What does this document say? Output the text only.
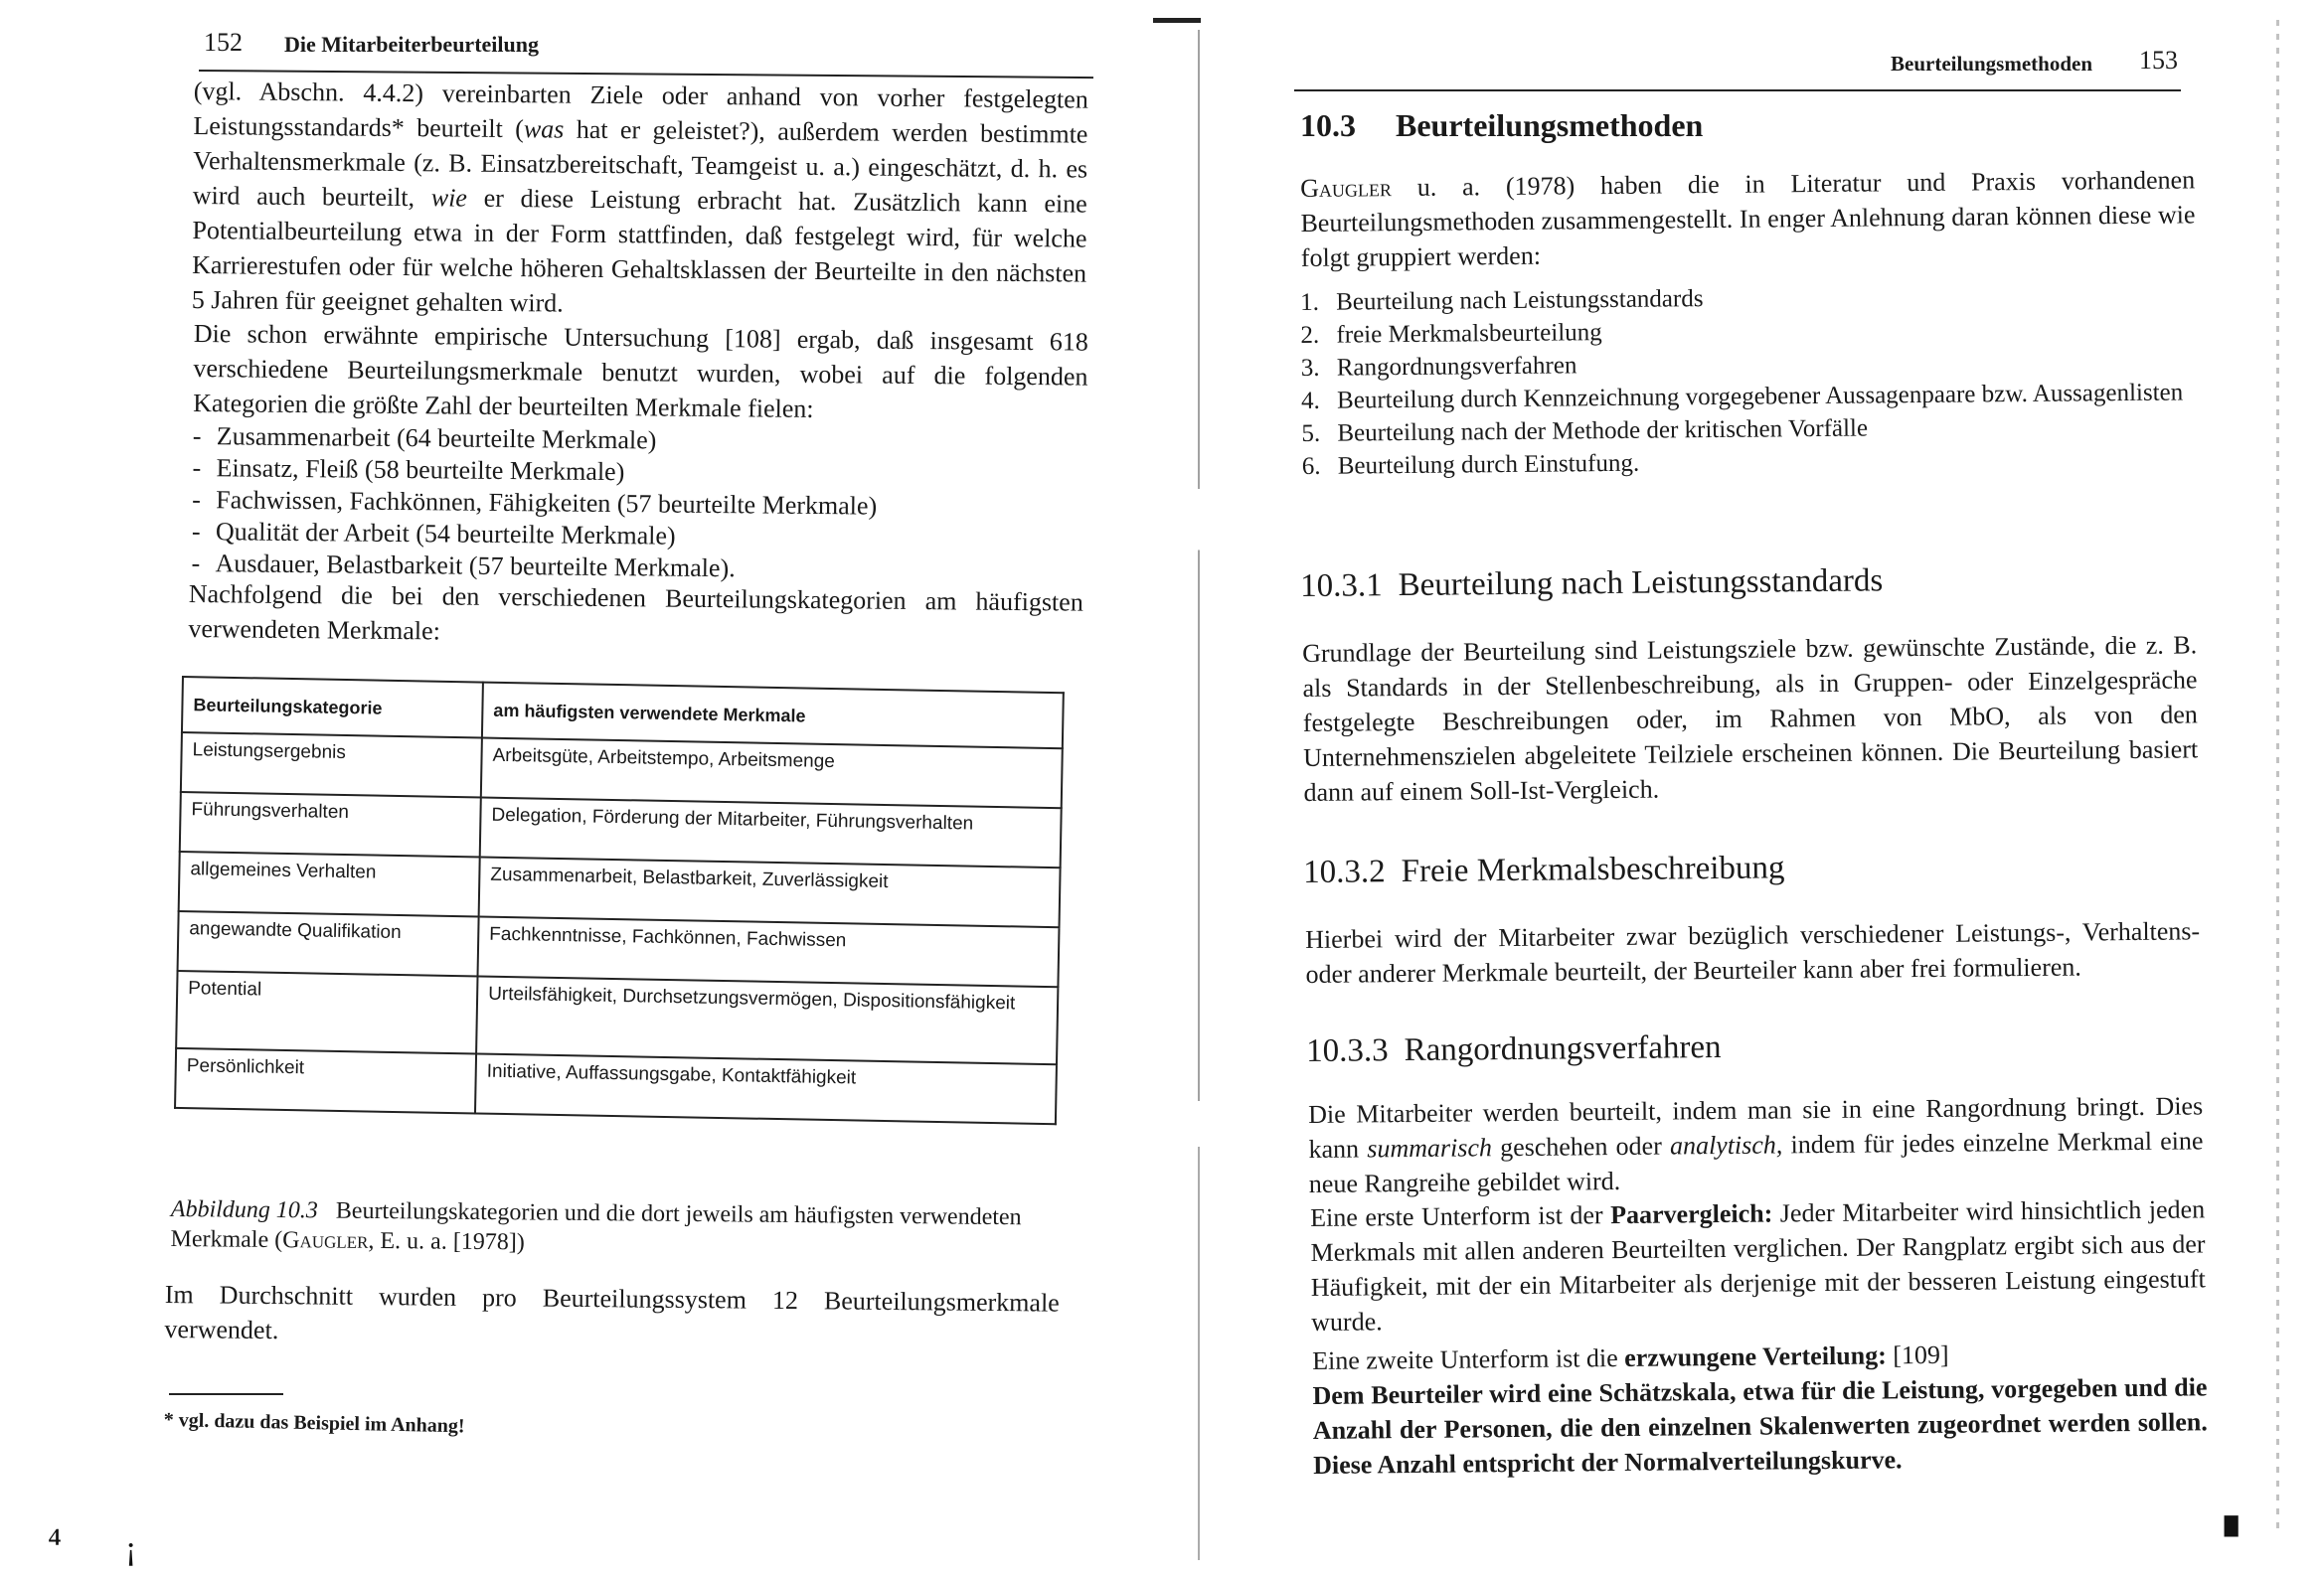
152 Die Mitarbeiterbeurteilung

(vgl. Abschn. 4.4.2) vereinbarten Ziele oder anhand von vorher festgelegten Leistungsstandards* beurteilt (was hat er geleistet?), außerdem werden bestimmte Verhaltensmerkmale (z. B. Einsatzbereitschaft, Teamgeist u. a.) eingeschätzt, d. h. es wird auch beurteilt, wie er diese Leistung erbracht hat. Zusätzlich kann eine Potentialbeurteilung etwa in der Form stattfinden, daß festgelegt wird, für welche Karrierestufen oder für welche höheren Gehaltsklassen der Beurteilte in den nächsten 5 Jahren für geeignet gehalten wird.

Die schon erwähnte empirische Untersuchung [108] ergab, daß insgesamt 618 verschiedene Beurteilungsmerkmale benutzt wurden, wobei auf die folgenden Kategorien die größte Zahl der beurteilten Merkmale fielen:

- Zusammenarbeit (64 beurteilte Merkmale)
- Einsatz, Fleiß (58 beurteilte Merkmale)
- Fachwissen, Fachkönnen, Fähigkeiten (57 beurteilte Merkmale)
- Qualität der Arbeit (54 beurteilte Merkmale)
- Ausdauer, Belastbarkeit (57 beurteilte Merkmale).

Nachfolgend die bei den verschiedenen Beurteilungskategorien am häufigsten verwendeten Merkmale:

Beurteilungskategorie	am häufigsten verwendete Merkmale
Leistungsergebnis	Arbeitsgüte, Arbeitstempo, Arbeitsmenge
Führungsverhalten	Delegation, Förderung der Mitarbeiter, Führungsverhalten
allgemeines Verhalten	Zusammenarbeit, Belastbarkeit, Zuverlässigkeit
angewandte Qualifikation	Fachkenntnisse, Fachkönnen, Fachwissen
Potential	Urteilsfähigkeit, Durchsetzungsvermögen, Dispositionsfähigkeit
Persönlichkeit	Initiative, Auffassungsgabe, Kontaktfähigkeit

Abbildung 10.3 Beurteilungskategorien und die dort jeweils am häufigsten verwendeten Merkmale (Gaugler, E. u. a. [1978])

Im Durchschnitt wurden pro Beurteilungssystem 12 Beurteilungsmerkmale verwendet.

* vgl. dazu das Beispiel im Anhang!
⁴ ¡
Beurteilungsmethoden 153
10.3 Beurteilungsmethoden

Gaugler u. a. (1978) haben die in Literatur und Praxis vorhandenen Beurteilungsmethoden zusammengestellt. In enger Anlehnung daran können diese wie folgt gruppiert werden:

1. Beurteilung nach Leistungsstandards
2. freie Merkmalsbeurteilung
3. Rangordnungsverfahren
4. Beurteilung durch Kennzeichnung vorgegebener Aussagenpaare bzw. Aussagenlisten
5. Beurteilung nach der Methode der kritischen Vorfälle
6. Beurteilung durch Einstufung.
10.3.1 Beurteilung nach Leistungsstandards

Grundlage der Beurteilung sind Leistungsziele bzw. gewünschte Zustände, die z. B. als Standards in der Stellenbeschreibung, als in Gruppen- oder Einzelgespräche festgelegte Beschreibungen oder, im Rahmen von MbO, als von den Unternehmenszielen abgeleitete Teilziele erscheinen können. Die Beurteilung basiert dann auf einem Soll-Ist-Vergleich.

10.3.2 Freie Merkmalsbeschreibung

Hierbei wird der Mitarbeiter zwar bezüglich verschiedener Leistungs-, Verhaltens- oder anderer Merkmale beurteilt, der Beurteiler kann aber frei formulieren.

10.3.3 Rangordnungsverfahren

Die Mitarbeiter werden beurteilt, indem man sie in eine Rangordnung bringt. Dies kann summarisch geschehen oder analytisch, indem für jedes einzelne Merkmal eine neue Rangreihe gebildet wird.

Eine erste Unterform ist der Paarvergleich: Jeder Mitarbeiter wird hinsichtlich jeden Merkmals mit allen anderen Beurteilten verglichen. Der Rangplatz ergibt sich aus der Häufigkeit, mit der ein Mitarbeiter als derjenige mit der besseren Leistung eingestuft wurde.

Eine zweite Unterform ist die erzwungene Verteilung: [109]

Dem Beurteiler wird eine Schätzskala, etwa für die Leistung, vorgegeben und die Anzahl der Personen, die den einzelnen Skalenwerten zugeordnet werden sollen. Diese Anzahl entspricht der Normalverteilungskurve.

▘
